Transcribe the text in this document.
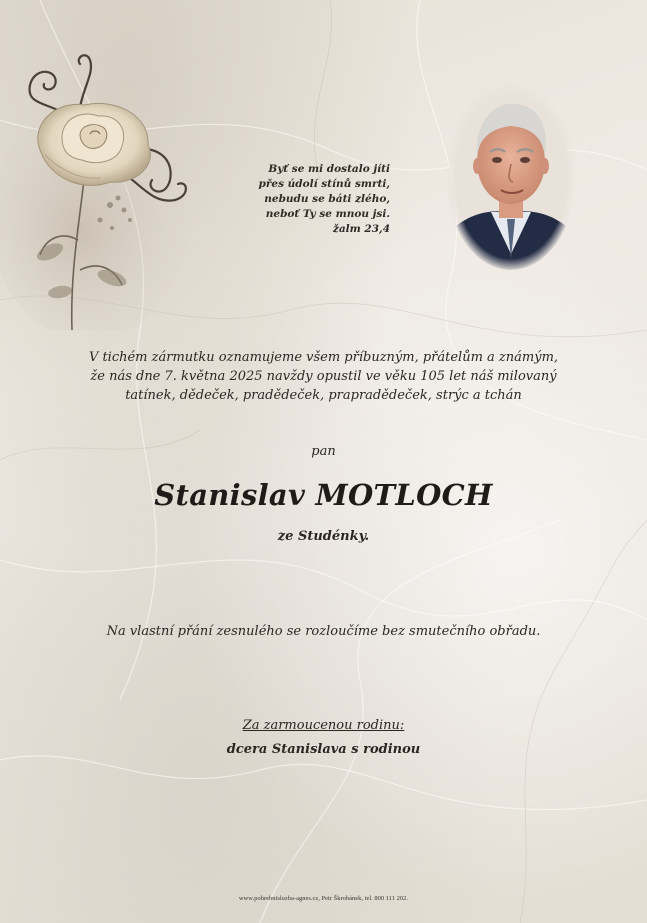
Byť se mi dostalo jíti
přes údolí stínů smrti,
nebudu se báti zlého,
neboť Ty se mnou jsi.
žalm 23,4
V tichém zármutku oznamujeme všem příbuzným, přátelům a známým,
že nás dne 7. května 2025 navždy opustil ve věku 105 let náš milovaný
tatínek, dědeček, pradědeček, prapradědeček, strýc a tchán
pan
Stanislav MOTLOCH
ze Studénky.
Na vlastní přání zesnulého se rozloučíme bez smutečního obřadu.
Za zarmoucenou rodinu:
dcera Stanislava s rodinou
www.pohrebnisluzba-agnes.cz, Petr Škrobánek, tel. 800 111 202.
